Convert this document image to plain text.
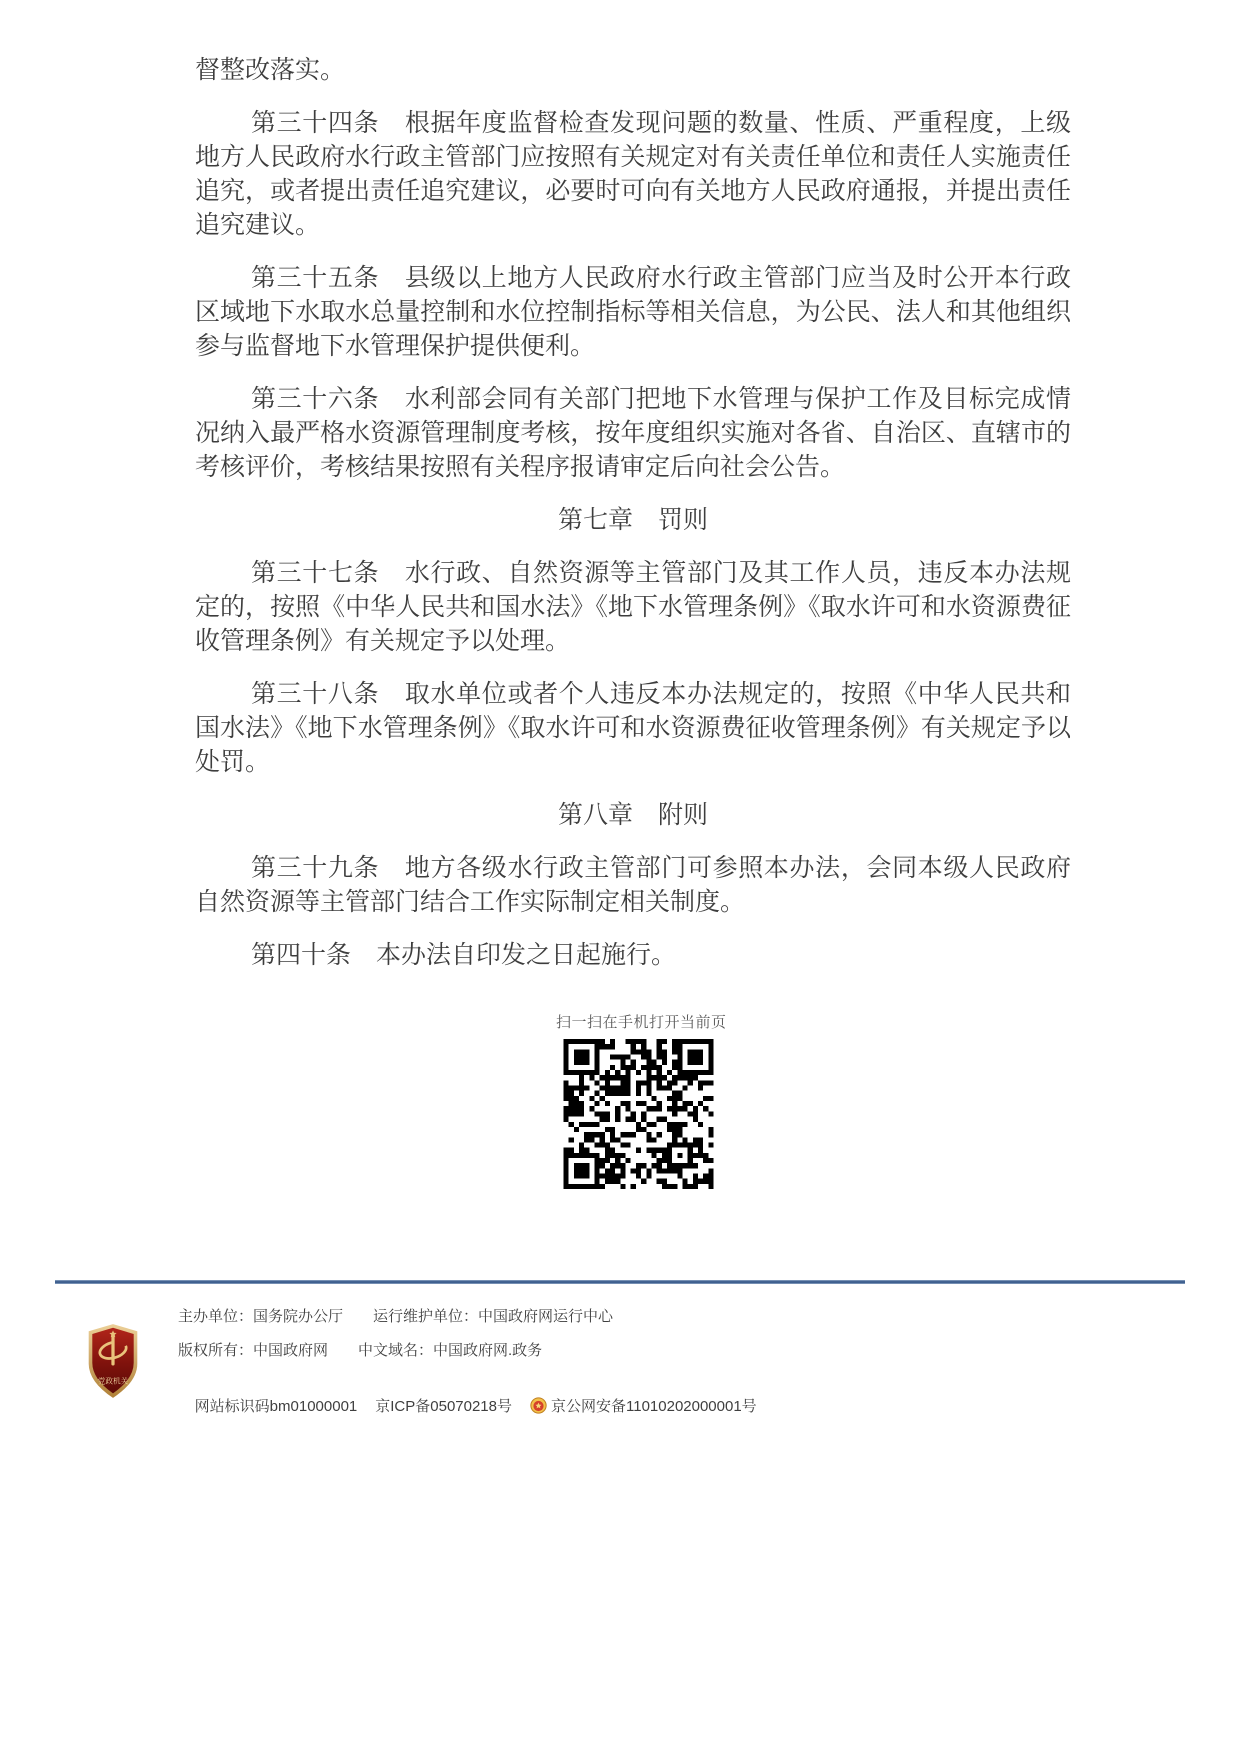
督整改落实。

第三十四条　根据年度监督检查发现问题的数量、性质、严重程度，上级地方人民政府水行政主管部门应按照有关规定对有关责任单位和责任人实施责任追究，或者提出责任追究建议，必要时可向有关地方人民政府通报，并提出责任追究建议。

第三十五条　县级以上地方人民政府水行政主管部门应当及时公开本行政区域地下水取水总量控制和水位控制指标等相关信息，为公民、法人和其他组织参与监督地下水管理保护提供便利。

第三十六条　水利部会同有关部门把地下水管理与保护工作及目标完成情况纳入最严格水资源管理制度考核，按年度组织实施对各省、自治区、直辖市的考核评价，考核结果按照有关程序报请审定后向社会公告。

第七章　罚则

第三十七条　水行政、自然资源等主管部门及其工作人员，违反本办法规定的，按照《中华人民共和国水法》《地下水管理条例》《取水许可和水资源费征收管理条例》有关规定予以处理。

第三十八条　取水单位或者个人违反本办法规定的，按照《中华人民共和国水法》《地下水管理条例》《取水许可和水资源费征收管理条例》有关规定予以处罚。

第八章　附则

第三十九条　地方各级水行政主管部门可参照本办法，会同本级人民政府自然资源等主管部门结合工作实际制定相关制度。

第四十条　本办法自印发之日起施行。

扫一扫在手机打开当前页
党政机关
主办单位：国务院办公厅　　运行维护单位：中国政府网运行中心
版权所有：中国政府网　　中文域名：中国政府网.政务

网站标识码bm01000001 京ICP备05070218号	京公网安备11010202000001号
